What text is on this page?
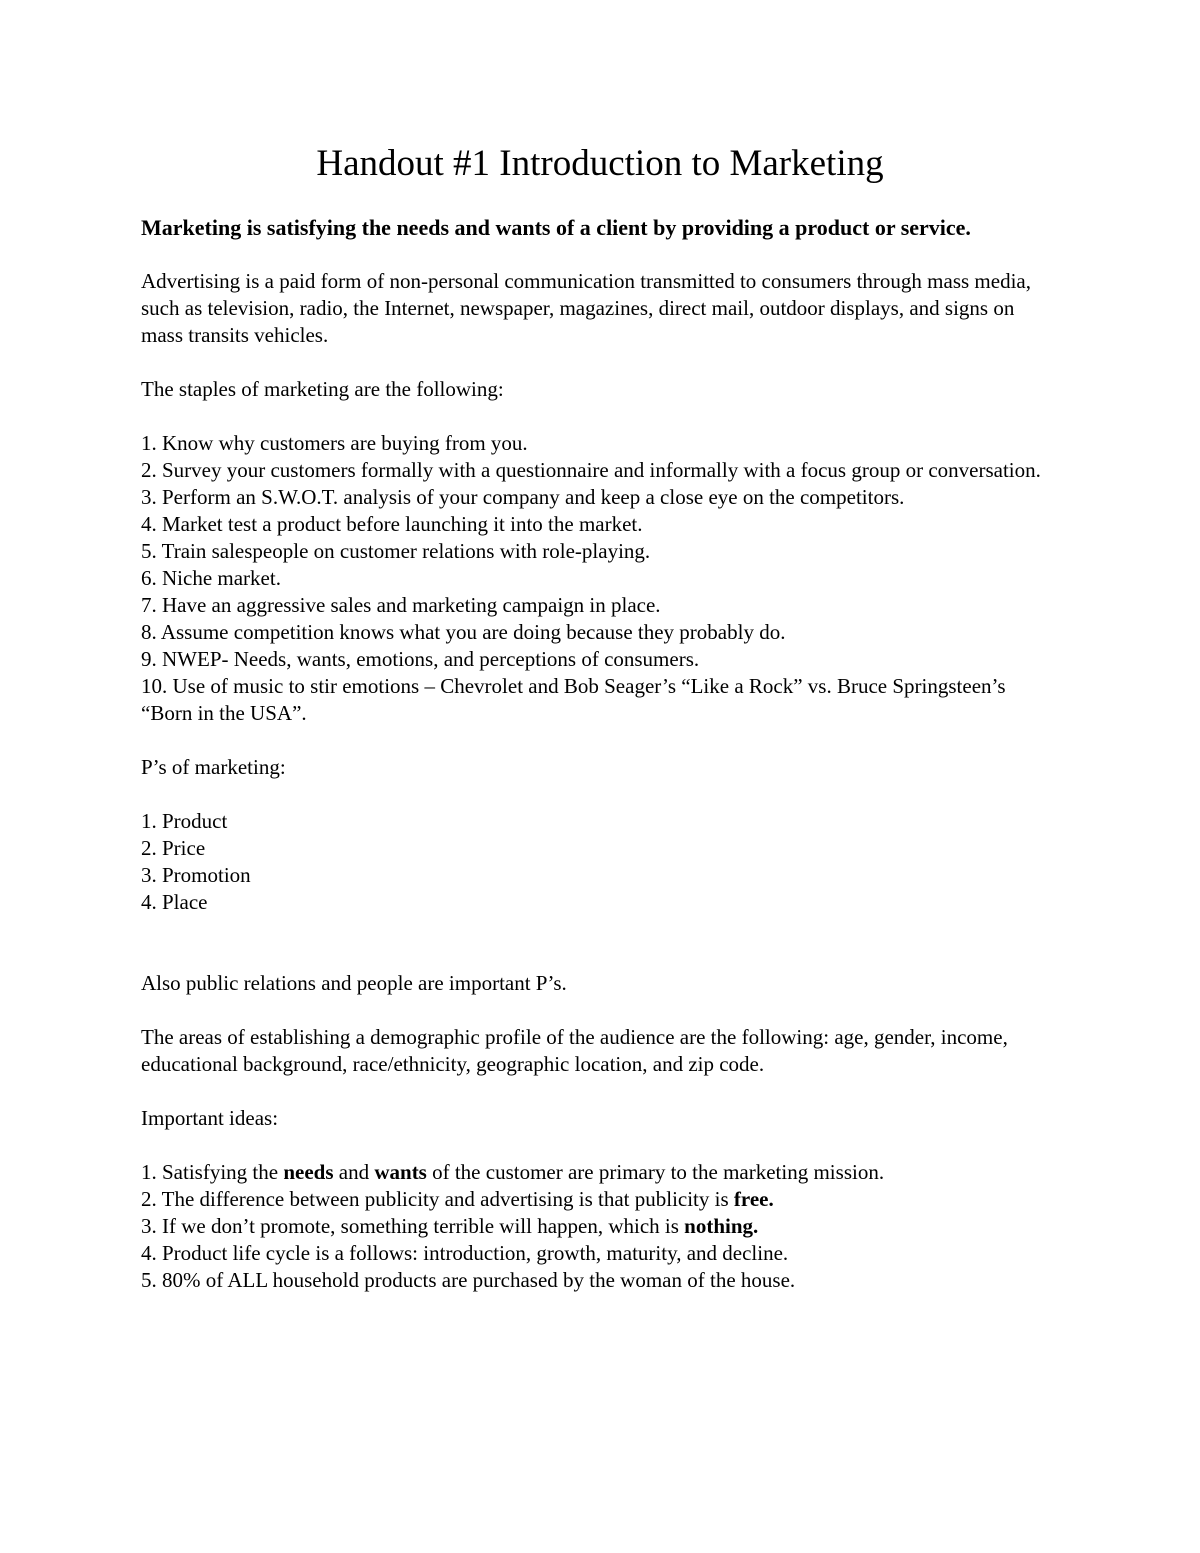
Handout #1 Introduction to Marketing

Marketing is satisfying the needs and wants of a client by providing a product or service.

Advertising is a paid form of non-personal communication transmitted to consumers through mass media, such as television, radio, the Internet, newspaper, magazines, direct mail, outdoor displays, and signs on mass transits vehicles.

The staples of marketing are the following:

1. Know why customers are buying from you.
2. Survey your customers formally with a questionnaire and informally with a focus group or conversation.
3. Perform an S.W.O.T. analysis of your company and keep a close eye on the competitors.
4. Market test a product before launching it into the market.
5. Train salespeople on customer relations with role-playing.
6. Niche market.
7. Have an aggressive sales and marketing campaign in place.
8. Assume competition knows what you are doing because they probably do.
9. NWEP- Needs, wants, emotions, and perceptions of consumers.
10. Use of music to stir emotions – Chevrolet and Bob Seager’s “Like a Rock” vs. Bruce Springsteen’s “Born in the USA”.

P’s of marketing:

1. Product
2. Price
3. Promotion
4. Place

Also public relations and people are important P’s.

The areas of establishing a demographic profile of the audience are the following: age, gender, income, educational background, race/ethnicity, geographic location, and zip code.

Important ideas:

1. Satisfying the needs and wants of the customer are primary to the marketing mission.
2. The difference between publicity and advertising is that publicity is free.
3. If we don’t promote, something terrible will happen, which is nothing.
4. Product life cycle is a follows: introduction, growth, maturity, and decline.
5. 80% of ALL household products are purchased by the woman of the house.
